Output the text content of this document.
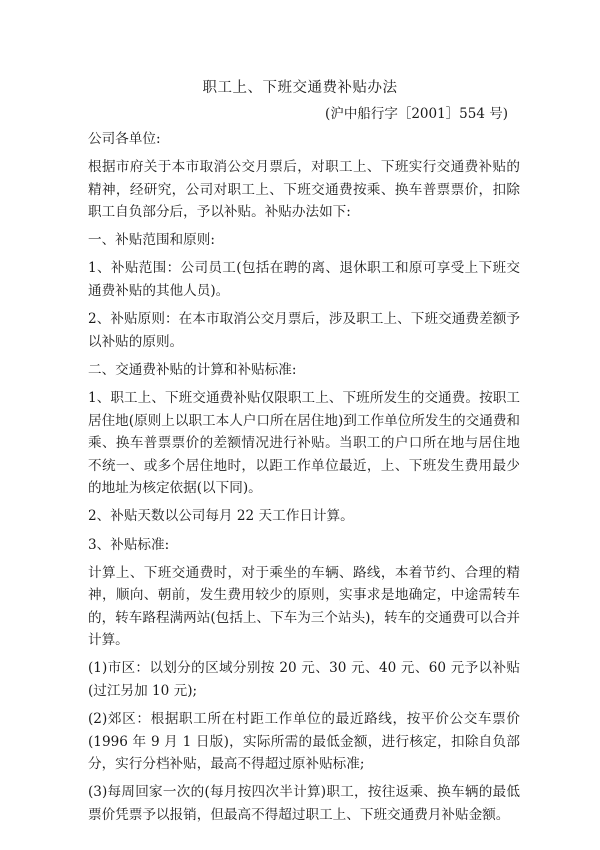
职工上、下班交通费补贴办法
(沪中船行字［2001］554 号)

公司各单位:

根据市府关于本市取消公交月票后，对职工上、下班实行交通费补贴的精神，经研究，公司对职工上、下班交通费按乘、换车普票票价，扣除职工自负部分后，予以补贴。补贴办法如下:

一、补贴范围和原则:

1、补贴范围：公司员工(包括在聘的离、退休职工和原可享受上下班交通费补贴的其他人员)。

2、补贴原则：在本市取消公交月票后，涉及职工上、下班交通费差额予以补贴的原则。

二、交通费补贴的计算和补贴标准:

1、职工上、下班交通费补贴仅限职工上、下班所发生的交通费。按职工居住地(原则上以职工本人户口所在居住地)到工作单位所发生的交通费和乘、换车普票票价的差额情况进行补贴。当职工的户口所在地与居住地不统一、或多个居住地时，以距工作单位最近，上、下班发生费用最少的地址为核定依据(以下同)。

2、补贴天数以公司每月 22 天工作日计算。

3、补贴标准:

计算上、下班交通费时，对于乘坐的车辆、路线，本着节约、合理的精神，顺向、朝前，发生费用较少的原则，实事求是地确定，中途需转车的，转车路程满两站(包括上、下车为三个站头)，转车的交通费可以合并计算。

(1)市区：以划分的区域分别按 20 元、30 元、40 元、60 元予以补贴(过江另加 10 元);

(2)郊区：根据职工所在村距工作单位的最近路线，按平价公交车票价(1996 年 9 月 1 日版)，实际所需的最低金额，进行核定，扣除自负部分，实行分档补贴，最高不得超过原补贴标准;

(3)每周回家一次的(每月按四次半计算)职工，按往返乘、换车辆的最低票价凭票予以报销，但最高不得超过职工上、下班交通费月补贴金额。
